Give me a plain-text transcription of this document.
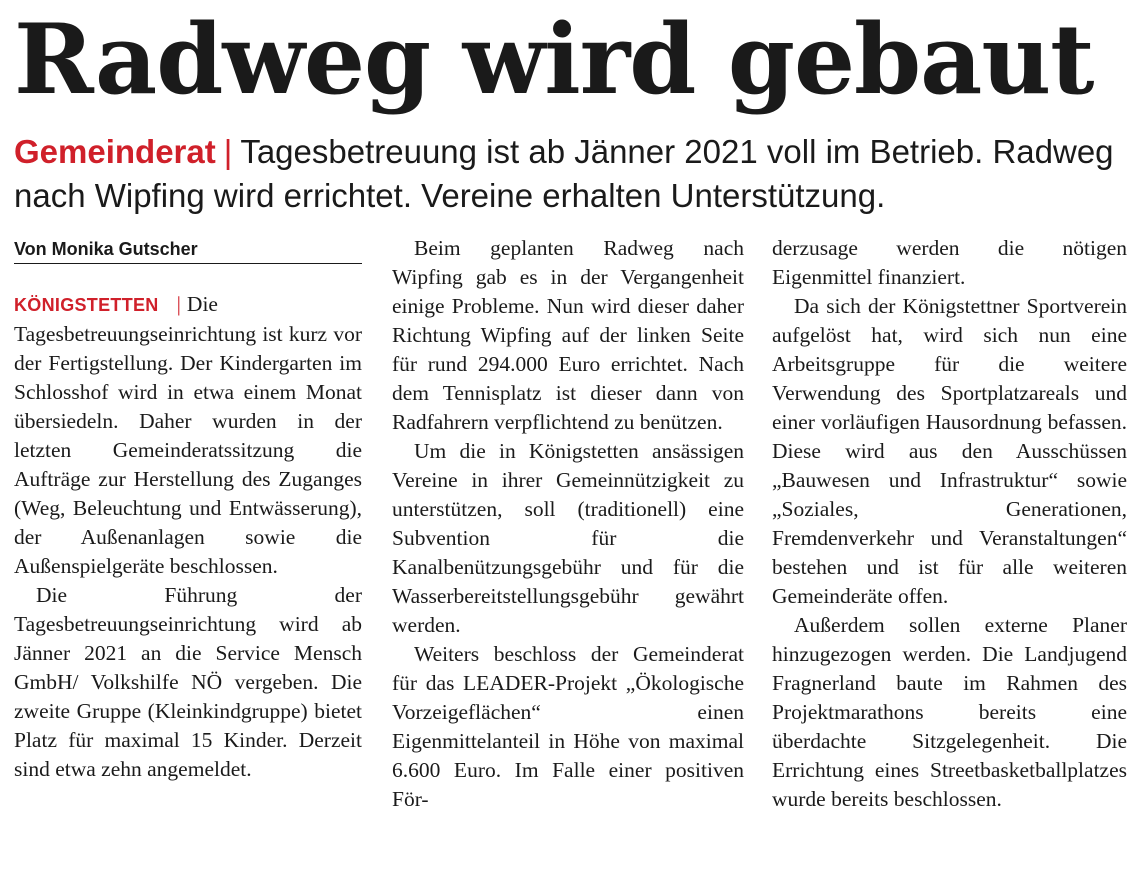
Radweg wird gebaut

Gemeinderat | Tagesbetreuung ist ab Jänner 2021 voll im Betrieb. Radweg nach Wipfing wird errichtet. Vereine erhalten Unterstützung.

Von Monika Gutscher

KÖNIGSTETTEN | Die Tagesbetreuungseinrichtung ist kurz vor der Fertigstellung. Der Kindergarten im Schlosshof wird in etwa einem Monat übersiedeln. Daher wurden in der letzten Gemeinderatssitzung die Aufträge zur Herstellung des Zuganges (Weg, Beleuchtung und Entwässerung), der Außenanlagen sowie die Außenspielgeräte beschlossen.

Die Führung der Tagesbetreuungseinrichtung wird ab Jänner 2021 an die Service Mensch GmbH/ Volkshilfe NÖ vergeben. Die zweite Gruppe (Kleinkindgruppe) bietet Platz für maximal 15 Kinder. Derzeit sind etwa zehn angemeldet.

Beim geplanten Radweg nach Wipfing gab es in der Vergangenheit einige Probleme. Nun wird dieser daher Richtung Wipfing auf der linken Seite für rund 294.000 Euro errichtet. Nach dem Tennisplatz ist dieser dann von Radfahrern verpflichtend zu benützen.

Um die in Königstetten ansässigen Vereine in ihrer Gemeinnützigkeit zu unterstützen, soll (traditionell) eine Subvention für die Kanalbenützungsgebühr und für die Wasserbereitstellungsgebühr gewährt werden.

Weiters beschloss der Gemeinderat für das LEADER-Projekt „Ökologische Vorzeigeflächen“ einen Eigenmittelanteil in Höhe von maximal 6.600 Euro. Im Falle einer positiven För-

derzusage werden die nötigen Eigenmittel finanziert.

Da sich der Königstettner Sportverein aufgelöst hat, wird sich nun eine Arbeitsgruppe für die weitere Verwendung des Sportplatzareals und einer vorläufigen Hausordnung befassen. Diese wird aus den Ausschüssen „Bauwesen und Infrastruktur“ sowie „Soziales, Generationen, Fremdenverkehr und Veranstaltungen“ bestehen und ist für alle weiteren Gemeinderäte offen.

Außerdem sollen externe Planer hinzugezogen werden. Die Landjugend Fragnerland baute im Rahmen des Projektmarathons bereits eine überdachte Sitzgelegenheit. Die Errichtung eines Streetbasketballplatzes wurde bereits beschlossen.
